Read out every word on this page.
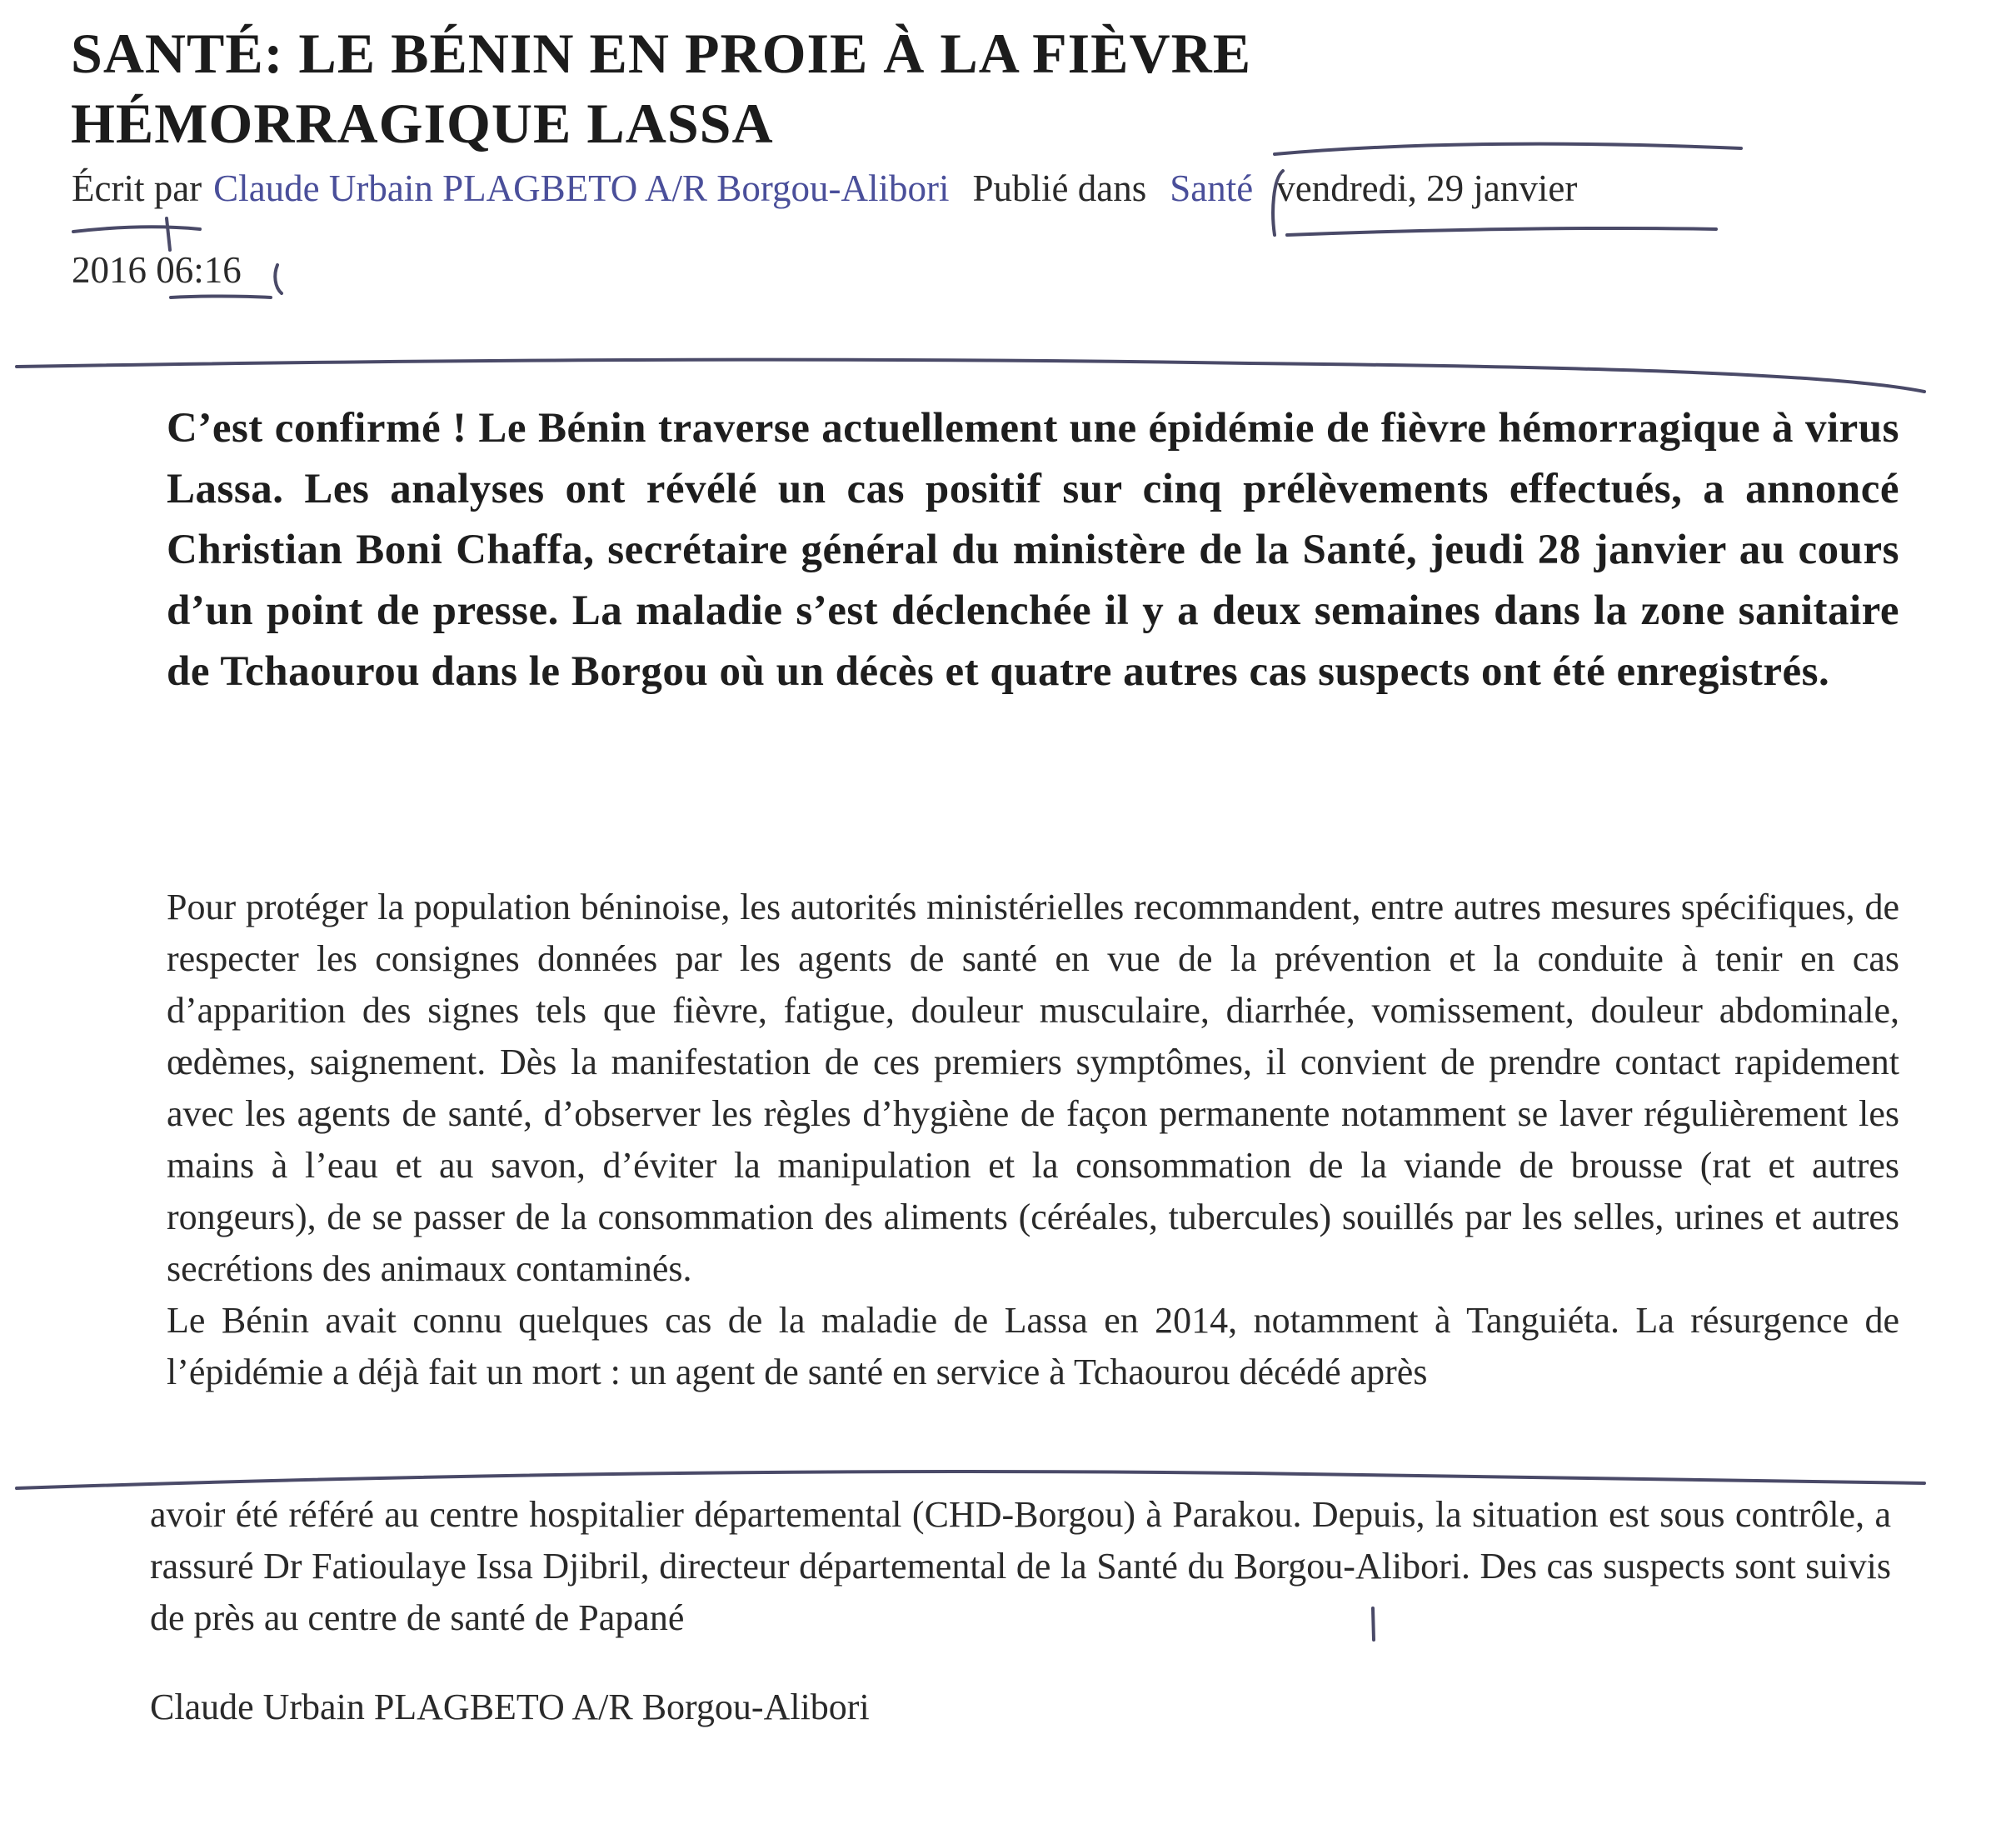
SANTÉ: LE BÉNIN EN PROIE À LA FIÈVRE
HÉMORRAGIQUE LASSA
Écrit par Claude Urbain PLAGBETO A/R Borgou-Alibori Publié dans Santé vendredi, 29 janvier
2016 06:16

C’est confirmé ! Le Bénin traverse actuellement une épidémie de fièvre hémorragique à virus Lassa. Les analyses ont révélé un cas positif sur cinq prélèvements effectués, a annoncé Christian Boni Chaffa, secrétaire général du ministère de la Santé, jeudi 28 janvier au cours d’un point de presse. La maladie s’est déclenchée il y a deux semaines dans la zone sanitaire de Tchaourou dans le Borgou où un décès et quatre autres cas suspects ont été enregistrés.

Pour protéger la population béninoise, les autorités ministérielles recommandent, entre autres mesures spécifiques, de respecter les consignes données par les agents de santé en vue de la prévention et la conduite à tenir en cas d’apparition des signes tels que fièvre, fatigue, douleur musculaire, diarrhée, vomissement, douleur abdominale, œdèmes, saignement. Dès la manifestation de ces premiers symptômes, il convient de prendre contact rapidement avec les agents de santé, d’observer les règles d’hygiène de façon permanente notamment se laver régulièrement les mains à l’eau et au savon, d’éviter la manipulation et la consommation de la viande de brousse (rat et autres rongeurs), de se passer de la consommation des aliments (céréales, tubercules) souillés par les selles, urines et autres secrétions des animaux contaminés.

Le Bénin avait connu quelques cas de la maladie de Lassa en 2014, notamment à Tanguiéta. La résurgence de l’épidémie a déjà fait un mort : un agent de santé en service à Tchaourou décédé après

avoir été référé au centre hospitalier départemental (CHD-Borgou) à Parakou. Depuis, la situation est sous contrôle, a rassuré Dr Fatioulaye Issa Djibril, directeur départemental de la Santé du Borgou-Alibori. Des cas suspects sont suivis de près au centre de santé de Papané

Claude Urbain PLAGBETO A/R Borgou-Alibori
